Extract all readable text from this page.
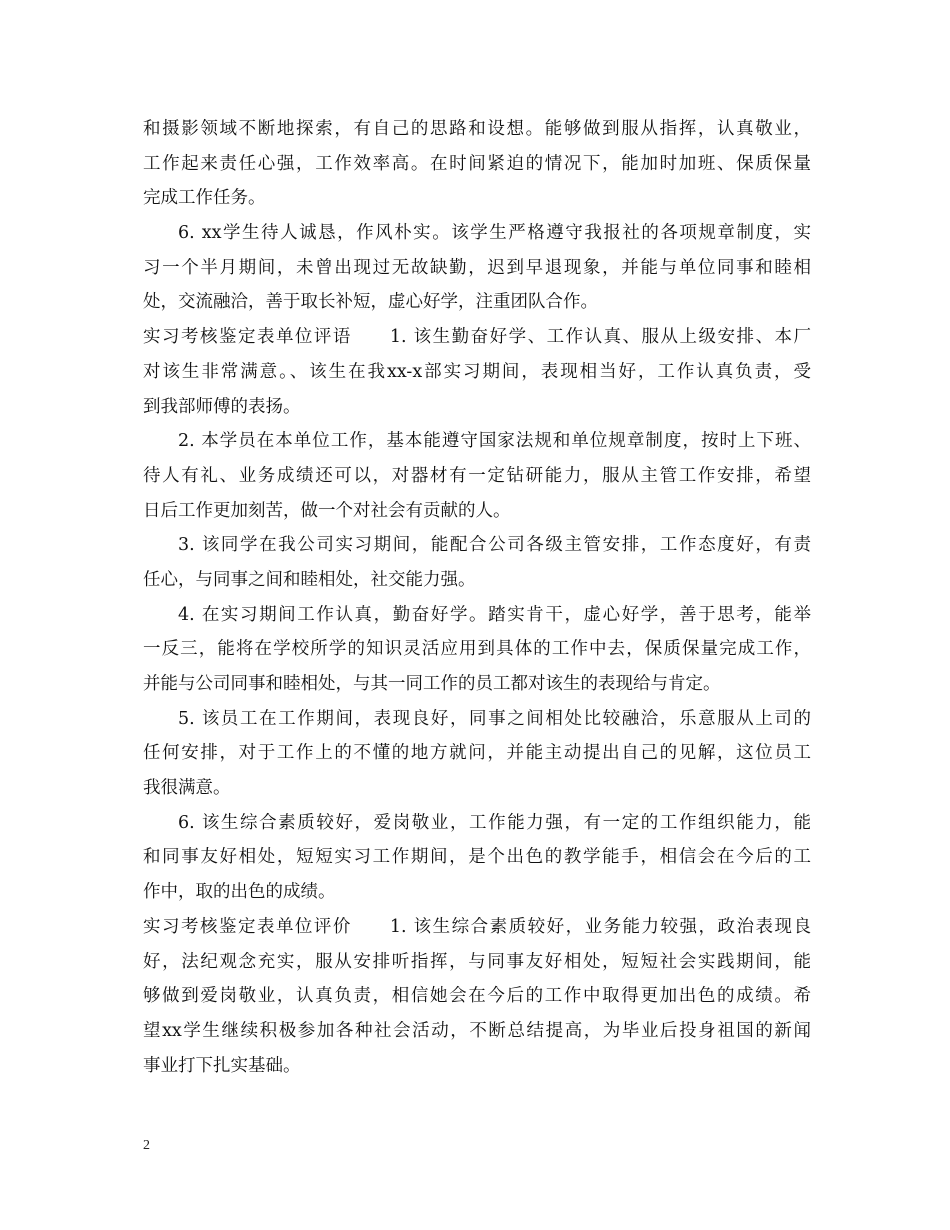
和摄影领域不断地探索，有自己的思路和设想。能够做到服从指挥，认真敬业，
工作起来责任心强，工作效率高。在时间紧迫的情况下，能加时加班、保质保量
完成工作任务。
6. xx学生待人诚恳，作风朴实。该学生严格遵守我报社的各项规章制度，实
习一个半月期间，未曾出现过无故缺勤，迟到早退现象，并能与单位同事和睦相
处，交流融洽，善于取长补短，虚心好学，注重团队合作。
实习考核鉴定表单位评语　　1. 该生勤奋好学、工作认真、服从上级安排、本厂
对该生非常满意。、该生在我xx-x部实习期间，表现相当好，工作认真负责，受
到我部师傅的表扬。
2. 本学员在本单位工作，基本能遵守国家法规和单位规章制度，按时上下班、
待人有礼、业务成绩还可以，对器材有一定钻研能力，服从主管工作安排，希望
日后工作更加刻苦，做一个对社会有贡献的人。
3. 该同学在我公司实习期间，能配合公司各级主管安排，工作态度好，有责
任心，与同事之间和睦相处，社交能力强。
4. 在实习期间工作认真，勤奋好学。踏实肯干，虚心好学，善于思考，能举
一反三，能将在学校所学的知识灵活应用到具体的工作中去，保质保量完成工作，
并能与公司同事和睦相处，与其一同工作的员工都对该生的表现给与肯定。
5. 该员工在工作期间，表现良好，同事之间相处比较融洽，乐意服从上司的
任何安排，对于工作上的不懂的地方就问，并能主动提出自己的见解，这位员工
我很满意。
6. 该生综合素质较好，爱岗敬业，工作能力强，有一定的工作组织能力，能
和同事友好相处，短短实习工作期间，是个出色的教学能手，相信会在今后的工
作中，取的出色的成绩。
实习考核鉴定表单位评价　　1. 该生综合素质较好，业务能力较强，政治表现良
好，法纪观念充实，服从安排听指挥，与同事友好相处，短短社会实践期间，能
够做到爱岗敬业，认真负责，相信她会在今后的工作中取得更加出色的成绩。希
望xx学生继续积极参加各种社会活动，不断总结提高，为毕业后投身祖国的新闻
事业打下扎实基础。
2
